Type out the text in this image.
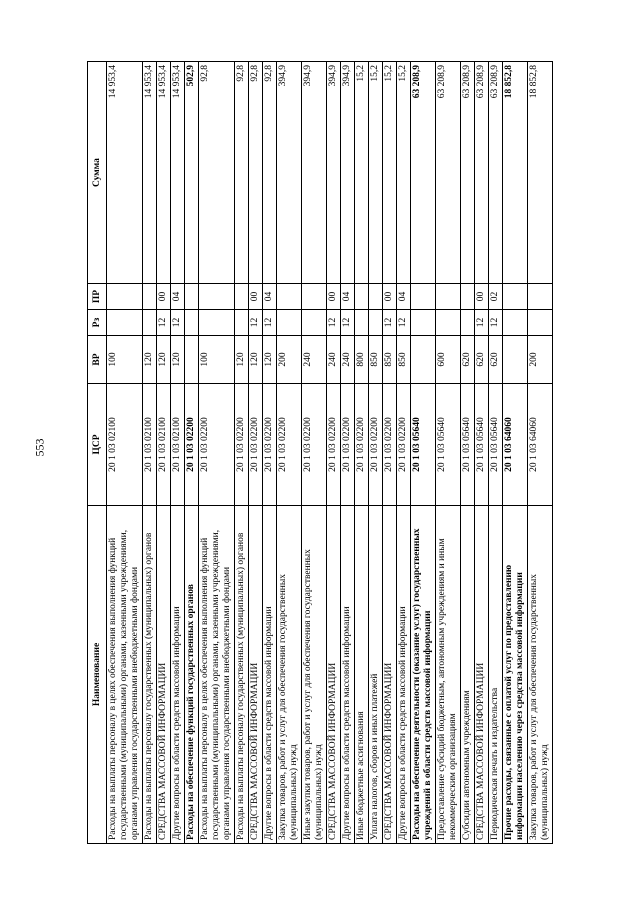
553
Наименование	ЦСР	ВР	Рз	ПР	Сумма
Расходы на выплаты персоналу в целях обеспечения выполнения функций государственными (муниципальными) органами, казенными учреждениями, органами управления государственными внебюджетными фондами	20 1 03 02100	100			14 953,4
Расходы на выплаты персоналу государственных (муниципальных) органов	20 1 03 02100	120			14 953,4
СРЕДСТВА МАССОВОЙ ИНФОРМАЦИИ	20 1 03 02100	120	12	00	14 953,4
Другие вопросы в области средств массовой информации	20 1 03 02100	120	12	04	14 953,4
Расходы на обеспечение функций государственных органов	20 1 03 02200				502,9
Расходы на выплаты персоналу в целях обеспечения выполнения функций государственными (муниципальными) органами, казенными учреждениями, органами управления государственными внебюджетными фондами	20 1 03 02200	100			92,8
Расходы на выплаты персоналу государственных (муниципальных) органов	20 1 03 02200	120			92,8
СРЕДСТВА МАССОВОЙ ИНФОРМАЦИИ	20 1 03 02200	120	12	00	92,8
Другие вопросы в области средств массовой информации	20 1 03 02200	120	12	04	92,8
Закупка товаров, работ и услуг для обеспечения государственных (муниципальных) нужд	20 1 03 02200	200			394,9
Иные закупки товаров, работ и услуг для обеспечения государственных (муниципальных) нужд	20 1 03 02200	240			394,9
СРЕДСТВА МАССОВОЙ ИНФОРМАЦИИ	20 1 03 02200	240	12	00	394,9
Другие вопросы в области средств массовой информации	20 1 03 02200	240	12	04	394,9
Иные бюджетные ассигнования	20 1 03 02200	800			15,2
Уплата налогов, сборов и иных платежей	20 1 03 02200	850			15,2
СРЕДСТВА МАССОВОЙ ИНФОРМАЦИИ	20 1 03 02200	850	12	00	15,2
Другие вопросы в области средств массовой информации	20 1 03 02200	850	12	04	15,2
Расходы на обеспечение деятельности (оказание услуг) государственных учреждений в области средств массовой информации	20 1 03 05640				63 208,9
Предоставление субсидий бюджетным, автономным учреждениям и иным некоммерческим организациям	20 1 03 05640	600			63 208,9
Субсидии автономным учреждениям	20 1 03 05640	620			63 208,9
СРЕДСТВА МАССОВОЙ ИНФОРМАЦИИ	20 1 03 05640	620	12	00	63 208,9
Периодическая печать и издательства	20 1 03 05640	620	12	02	63 208,9
Прочие расходы, связанные с оплатой услуг по предоставлению информации населению через средства массовой информации	20 1 03 64060				18 852,8
Закупка товаров, работ и услуг для обеспечения государственных (муниципальных) нужд	20 1 03 64060	200			18 852,8
